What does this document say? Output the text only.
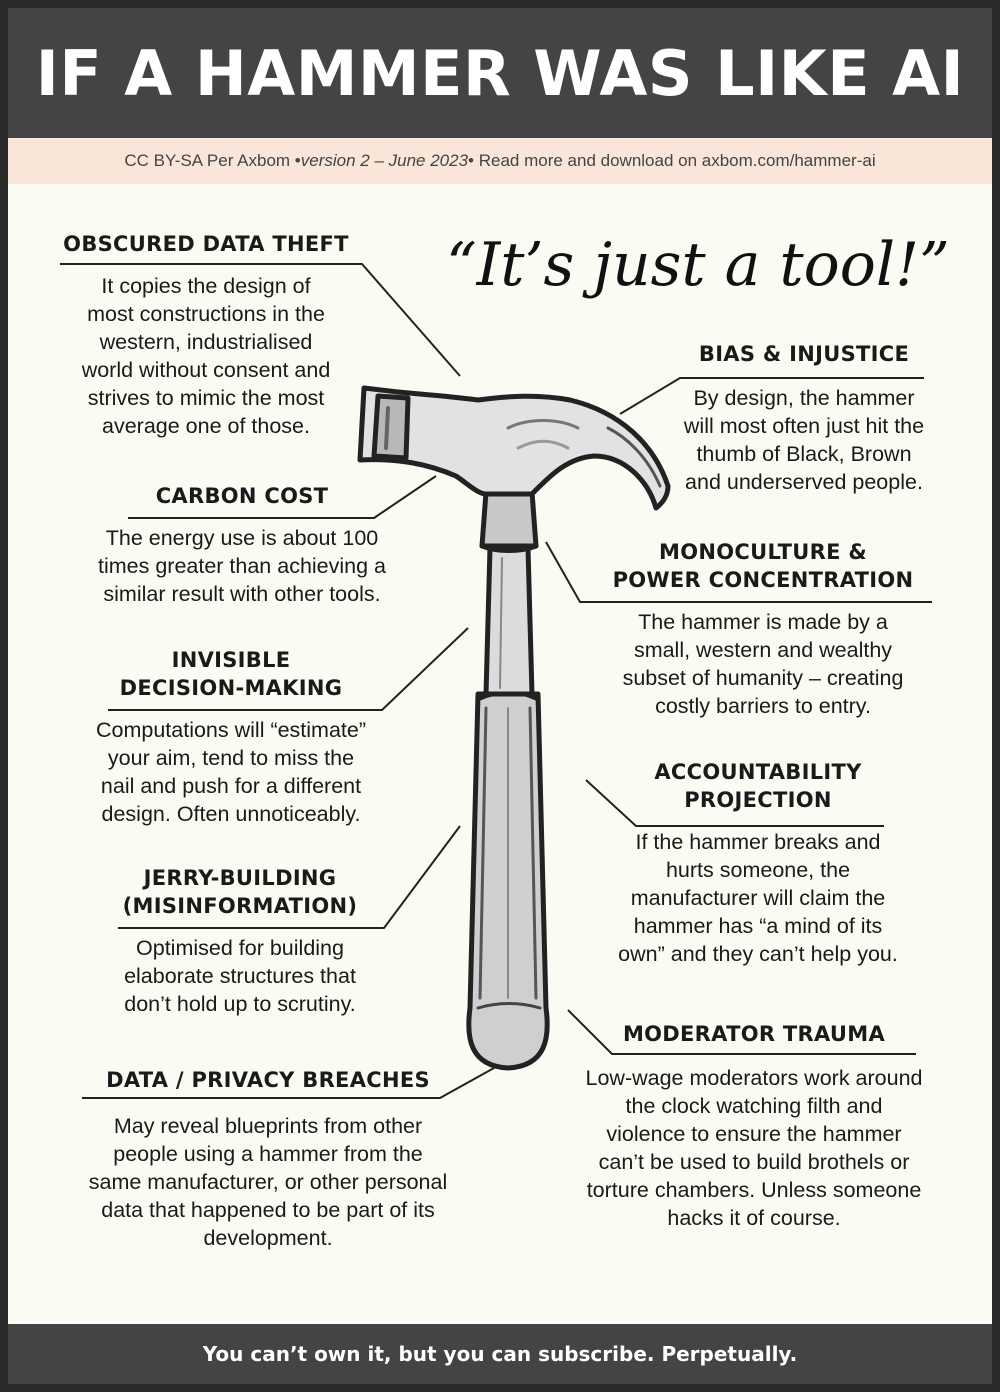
IF A HAMMER WAS LIKE AI
CC BY-SA Per Axbom • version 2 – June 2023 • Read more and download on axbom.com/hammer-ai
“It’s just a tool!”
OBSCURED DATA THEFT
It copies the design of
most constructions in the
western, industrialised
world without consent and
strives to mimic the most
average one of those.
CARBON COST
The energy use is about 100
times greater than achieving a
similar result with other tools.
INVISIBLE
DECISION-MAKING
Computations will “estimate”
your aim, tend to miss the
nail and push for a different
design. Often unnoticeably.
JERRY-BUILDING
(MISINFORMATION)
Optimised for building
elaborate structures that
don’t hold up to scrutiny.
DATA / PRIVACY BREACHES
May reveal blueprints from other
people using a hammer from the
same manufacturer, or other personal
data that happened to be part of its
development.
BIAS & INJUSTICE
By design, the hammer
will most often just hit the
thumb of Black, Brown
and underserved people.
MONOCULTURE &
POWER CONCENTRATION
The hammer is made by a
small, western and wealthy
subset of humanity – creating
costly barriers to entry.
ACCOUNTABILITY
PROJECTION
If the hammer breaks and
hurts someone, the
manufacturer will claim the
hammer has “a mind of its
own” and they can’t help you.
MODERATOR TRAUMA
Low-wage moderators work around
the clock watching filth and
violence to ensure the hammer
can’t be used to build brothels or
torture chambers. Unless someone
hacks it of course.
You can’t own it, but you can subscribe. Perpetually.
